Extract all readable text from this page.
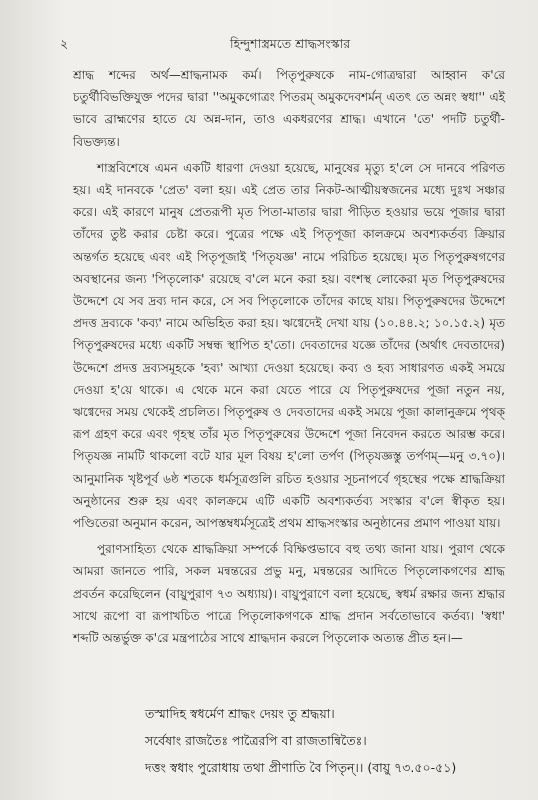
২	হিন্দুশাস্ত্রমতে শ্রাদ্ধসংস্কার

শ্রাদ্ধ শব্দের অর্থ—শ্রাদ্ধনামক কর্ম। পিতৃপুরুষকে নাম-গোত্রদ্বারা আহ্বান ক'রে চতুর্থীবিভক্তিযুক্ত পদের দ্বারা ''অমুকগোত্রং পিতরম্ অমুকদেবশর্মন্ এতৎ তে অন্নং স্বধা'' এই ভাবে ব্রাহ্মণের হাতে যে অন্ন-দান, তাও একধরণের শ্রাদ্ধ। এখানে 'তে' পদটি চতুর্থী-বিভক্ত্যন্ত।

শাস্ত্রবিশেষে এমন একটি ধারণা দেওয়া হয়েছে, মানুষের মৃত্যু হ'লে সে দানবে পরিণত হয়। এই দানবকে 'প্রেত' বলা হয়। এই প্রেত তার নিকট-আত্মীয়স্বজনের মধ্যে দুঃখ সঞ্চার করে। এই কারণে মানুষ প্রেতরূপী মৃত পিতা-মাতার দ্বারা পীড়িত হওয়ার ভয়ে পূজার দ্বারা তাঁদের তুষ্ট করার চেষ্টা করে। পুত্রের পক্ষে এই পিতৃপূজা কালক্রমে অবশ্যকর্তব্য ক্রিয়ার অন্তর্গত হয়েছে এবং এই পিতৃপূজাই 'পিতৃযজ্ঞ' নামে পরিচিত হয়েছে। মৃত পিতৃপুরুষগণের অবস্থানের জন্য 'পিতৃলোক' রয়েছে ব'লে মনে করা হয়। বংশস্থ লোকেরা মৃত পিতৃপুরুষদের উদ্দেশে যে সব দ্রব্য দান করে, সে সব পিতৃলোকে তাঁদের কাছে যায়। পিতৃপুরুষদের উদ্দেশে প্রদত্ত দ্রব্যকে 'কব্য' নামে অভিহিত করা হয়। ঋগ্বেদেই দেখা যায় (১০.৪৪.২; ১০.১৫.২) মৃত পিতৃপুরুষদের মধ্যে একটি সম্বন্ধ স্থাপিত হ'তো। দেবতাদের যজ্ঞে তাঁদের (অর্থাৎ দেবতাদের) উদ্দেশে প্রদত্ত দ্রব্যসমূহকে 'হব্য' আখ্যা দেওয়া হয়েছে। কব্য ও হব্য সাধারণত একই সময়ে দেওয়া হ'য়ে থাকে। এ থেকে মনে করা যেতে পারে যে পিতৃপুরুষদের পূজা নতুন নয়, ঋগ্বেদের সময় থেকেই প্রচলিত। পিতৃপুরুষ ও দেবতাদের একই সময়ে পূজা কালানুক্রমে পৃথক্ রূপ গ্রহণ করে এবং গৃহস্থ তাঁর মৃত পিতৃপুরুষের উদ্দেশে পূজা নিবেদন করতে আরম্ভ করে। পিতৃযজ্ঞ নামটি থাকলো বটে যার মূল বিষয় হ'লো তর্পণ (পিতৃযজ্ঞস্তু তর্পণম্—মনু ৩.৭০)। আনুমানিক খৃষ্টপূর্ব ৬ষ্ঠ শতকে ধর্মসূত্রগুলি রচিত হওয়ার সূচনাপর্বে গৃহস্থের পক্ষে শ্রাদ্ধক্রিয়া অনুষ্ঠানের শুরু হয় এবং কালক্রমে এটি একটি অবশ্যকর্তব্য সংস্কার ব'লে স্বীকৃত হয়। পণ্ডিতেরা অনুমান করেন, আপস্তম্বধর্মসূত্রেই প্রথম শ্রাদ্ধসংস্কার অনুষ্ঠানের প্রমাণ পাওয়া যায়।

পুরাণসাহিত্য থেকে শ্রাদ্ধক্রিয়া সম্পর্কে বিক্ষিপ্তভাবে বহু তথ্য জানা যায়। পুরাণ থেকে আমরা জানতে পারি, সকল মন্বন্তরের প্রভু মনু, মন্বন্তরের আদিতে পিতৃলোকগণের শ্রাদ্ধ প্রবর্তন করেছিলেন (বায়ুপুরাণ ৭৩ অধ্যায়)। বায়ুপুরাণে বলা হয়েছে, স্বধর্ম রক্ষার জন্য শ্রদ্ধার সাথে রূপো বা রূপাখচিত পাত্রে পিতৃলোকগণকে শ্রাদ্ধ প্রদান সর্বতোভাবে কর্তব্য। 'স্বধা' শব্দটি অন্তর্ভুক্ত ক'রে মন্ত্রপাঠের সাথে শ্রাদ্ধদান করলে পিতৃলোক অত্যন্ত প্রীত হন।—

তস্মাদিহ স্বধর্মেণ শ্রাদ্ধং দেয়ং তু শ্রদ্ধয়া।

সর্বেষাং রাজতৈঃ পাত্রৈরপি বা রাজতান্বিতৈঃ।

দত্তং স্বধাং পুরোধায় তথা প্রীণাতি বৈ পিতৃন্।। (বায়ু ৭৩.৫০-৫১)
